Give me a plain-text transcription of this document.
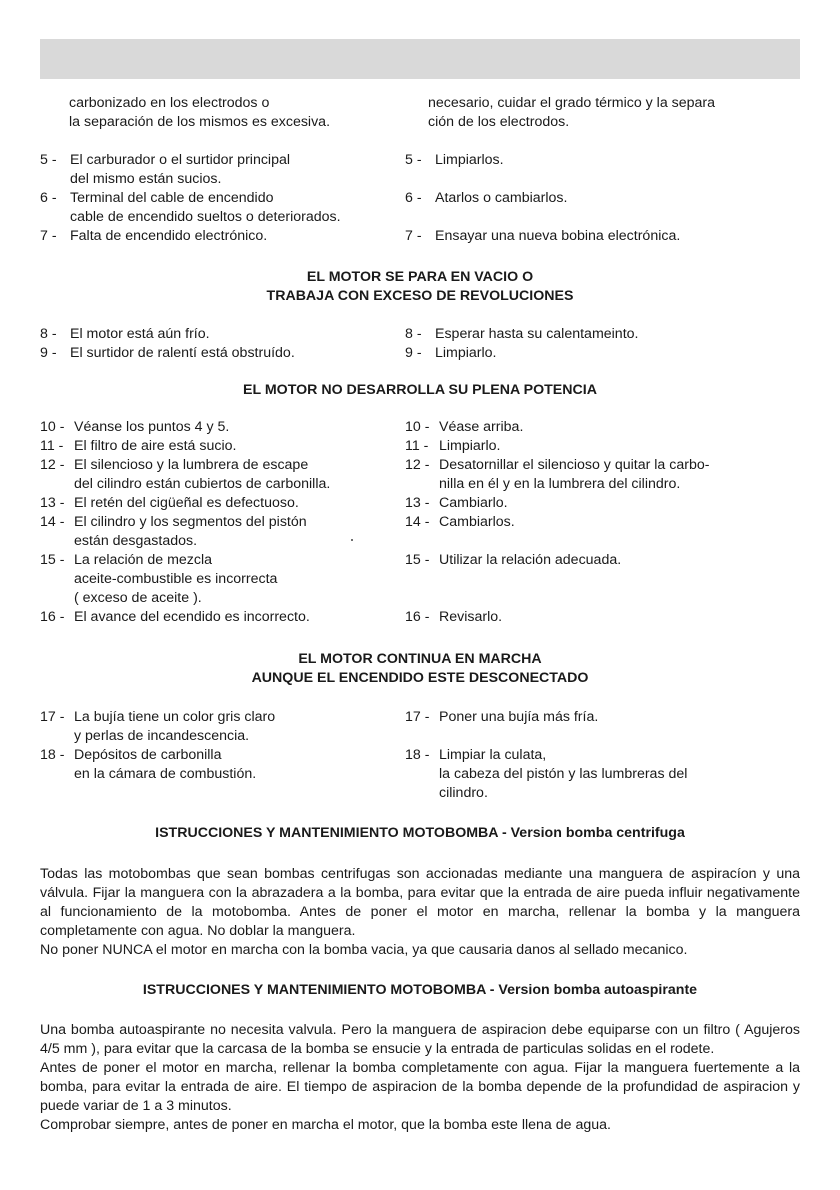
carbonizado en los electrodos o
la separación de los mismos es excesiva.
necesario, cuidar el grado térmico y la separa
ción de los electrodos.
5 - El carburador o el surtidor principal
del mismo están sucios.
6 - Terminal del cable de encendido
cable de encendido sueltos o deteriorados.
7 - Falta de encendido electrónico.
5 - Limpiarlos.
6 - Atarlos o cambiarlos.
7 - Ensayar una nueva bobina electrónica.
EL MOTOR SE PARA EN VACIO O
TRABAJA CON EXCESO DE REVOLUCIONES
8 - El motor está aún frío.
9 - El surtidor de ralentí está obstruído.
8 - Esperar hasta su calentameinto.
9 - Limpiarlo.
EL MOTOR NO DESARROLLA SU PLENA POTENCIA
10 - Véanse los puntos 4 y 5.
11 - El filtro de aire está sucio.
12 - El silencioso y la lumbrera de escape
del cilindro están cubiertos de carbonilla.
13 - El retén del cigüeñal es defectuoso.
14 - El cilindro y los segmentos del pistón
están desgastados.
15 - La relación de mezcla
aceite-combustible es incorrecta
( exceso de aceite ).
16 - El avance del ecendido es incorrecto.
10 - Véase arriba.
11 - Limpiarlo.
12 - Desatornillar el silencioso y quitar la carbo-
nilla en él y en la lumbrera del cilindro.
13 - Cambiarlo.
14 - Cambiarlos.
15 - Utilizar la relación adecuada.
16 - Revisarlo.
EL MOTOR CONTINUA EN MARCHA
AUNQUE EL ENCENDIDO ESTE DESCONECTADO
17 - La bujía tiene un color gris claro
y perlas de incandescencia.
18 - Depósitos de carbonilla
en la cámara de combustión.
17 - Poner una bujía más fría.
18 - Limpiar la culata,
la cabeza del pistón y las lumbreras del
cilindro.
ISTRUCCIONES Y MANTENIMIENTO MOTOBOMBA - Version bomba centrifuga

Todas las motobombas que sean bombas centrifugas son accionadas mediante una manguera de aspiracíon y una válvula. Fijar la manguera con la abrazadera a la bomba, para evitar que la entrada de aire pueda influir negativamente al funcionamiento de la motobomba. Antes de poner el motor en marcha, rellenar la bomba y la manguera completamente con agua. No doblar la manguera.

No poner NUNCA el motor en marcha con la bomba vacia, ya que causaria danos al sellado mecanico.

ISTRUCCIONES Y MANTENIMIENTO MOTOBOMBA - Version bomba autoaspirante

Una bomba autoaspirante no necesita valvula. Pero la manguera de aspiracion debe equiparse con un filtro ( Agujeros 4/5 mm ), para evitar que la carcasa de la bomba se ensucie y la entrada de particulas solidas en el rodete.

Antes de poner el motor en marcha, rellenar la bomba completamente con agua. Fijar la manguera fuertemente a la bomba, para evitar la entrada de aire. El tiempo de aspiracion de la bomba depende de la profundidad de aspiracion y puede variar de 1 a 3 minutos.

Comprobar siempre, antes de poner en marcha el motor, que la bomba este llena de agua.
